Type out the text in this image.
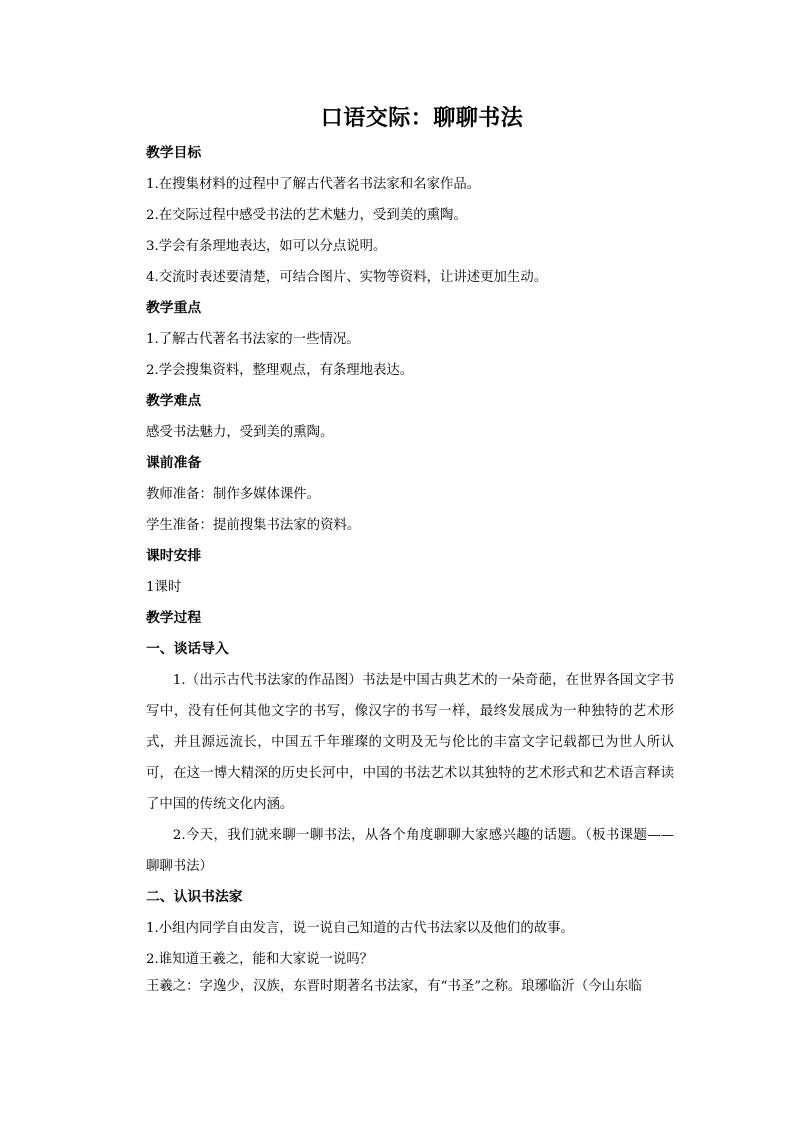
口语交际：聊聊书法
教学目标
1.在搜集材料的过程中了解古代著名书法家和名家作品。
2.在交际过程中感受书法的艺术魅力，受到美的熏陶。
3.学会有条理地表达，如可以分点说明。
4.交流时表述要清楚，可结合图片、实物等资料，让讲述更加生动。
教学重点
1.了解古代著名书法家的一些情况。
2.学会搜集资料，整理观点，有条理地表达。
教学难点
感受书法魅力，受到美的熏陶。
课前准备
教师准备：制作多媒体课件。
学生准备：提前搜集书法家的资料。
课时安排
1课时
教学过程
一、谈话导入

1.（出示古代书法家的作品图）书法是中国古典艺术的一朵奇葩，在世界各国文字书写中，没有任何其他文字的书写，像汉字的书写一样，最终发展成为一种独特的艺术形式，并且源远流长，中国五千年璀璨的文明及无与伦比的丰富文字记载都已为世人所认可，在这一博大精深的历史长河中，中国的书法艺术以其独特的艺术形式和艺术语言释读了中国的传统文化内涵。

2.今天，我们就来聊一聊书法，从各个角度聊聊大家感兴趣的话题。（板书课题——聊聊书法）

二、认识书法家
1.小组内同学自由发言，说一说自己知道的古代书法家以及他们的故事。
2.谁知道王羲之，能和大家说一说吗？
王羲之：字逸少，汉族，东晋时期著名书法家，有“书圣”之称。琅琊临沂（今山东临
